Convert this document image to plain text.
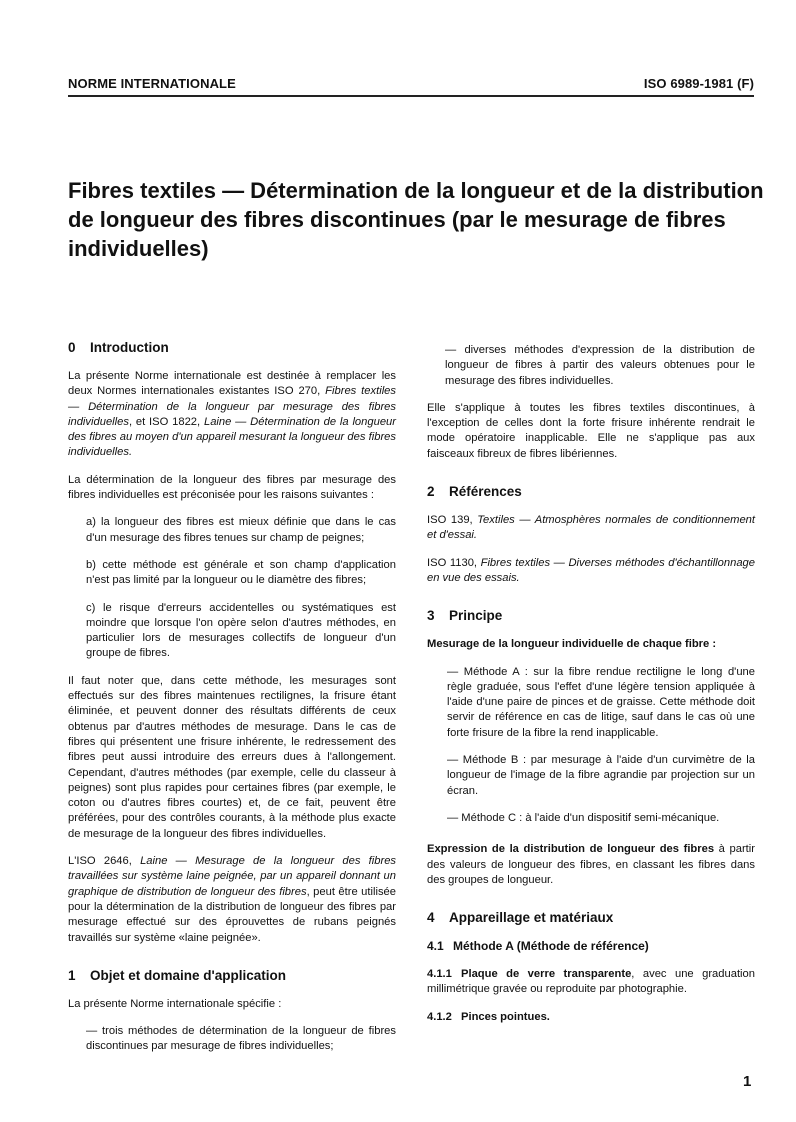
NORME INTERNATIONALE	ISO 6989-1981 (F)
Fibres textiles — Détermination de la longueur et de la distribution de longueur des fibres discontinues (par le mesurage de fibres individuelles)
0 Introduction

La présente Norme internationale est destinée à remplacer les deux Normes internationales existantes ISO 270, Fibres textiles — Détermination de la longueur par mesurage des fibres individuelles, et ISO 1822, Laine — Détermination de la longueur des fibres au moyen d'un appareil mesurant la longueur des fibres individuelles.

La détermination de la longueur des fibres par mesurage des fibres individuelles est préconisée pour les raisons suivantes :

a) la longueur des fibres est mieux définie que dans le cas d'un mesurage des fibres tenues sur champ de peignes;

b) cette méthode est générale et son champ d'application n'est pas limité par la longueur ou le diamètre des fibres;

c) le risque d'erreurs accidentelles ou systématiques est moindre que lorsque l'on opère selon d'autres méthodes, en particulier lors de mesurages collectifs de longueur d'un groupe de fibres.

Il faut noter que, dans cette méthode, les mesurages sont effectués sur des fibres maintenues rectilignes, la frisure étant éliminée, et peuvent donner des résultats différents de ceux obtenus par d'autres méthodes de mesurage. Dans le cas de fibres qui présentent une frisure inhérente, le redressement des fibres peut aussi introduire des erreurs dues à l'allongement. Cependant, d'autres méthodes (par exemple, celle du classeur à peignes) sont plus rapides pour certaines fibres (par exemple, le coton ou d'autres fibres courtes) et, de ce fait, peuvent être préférées, pour des contrôles courants, à la méthode plus exacte de mesurage de la longueur des fibres individuelles.

L'ISO 2646, Laine — Mesurage de la longueur des fibres travaillées sur système laine peignée, par un appareil donnant un graphique de distribution de longueur des fibres, peut être utilisée pour la détermination de la distribution de longueur des fibres par mesurage effectué sur des éprouvettes de rubans peignés travaillés sur système «laine peignée».

1 Objet et domaine d'application

La présente Norme internationale spécifie :

— trois méthodes de détermination de la longueur de fibres discontinues par mesurage de fibres individuelles;

— diverses méthodes d'expression de la distribution de longueur de fibres à partir des valeurs obtenues pour le mesurage des fibres individuelles.

Elle s'applique à toutes les fibres textiles discontinues, à l'exception de celles dont la forte frisure inhérente rendrait le mode opératoire inapplicable. Elle ne s'applique pas aux faisceaux fibreux de fibres libériennes.

2 Références

ISO 139, Textiles — Atmosphères normales de conditionnement et d'essai.

ISO 1130, Fibres textiles — Diverses méthodes d'échantillonnage en vue des essais.

3 Principe

Mesurage de la longueur individuelle de chaque fibre :

— Méthode A : sur la fibre rendue rectiligne le long d'une règle graduée, sous l'effet d'une légère tension appliquée à l'aide d'une paire de pinces et de graisse. Cette méthode doit servir de référence en cas de litige, sauf dans le cas où une forte frisure de la fibre la rend inapplicable.

— Méthode B : par mesurage à l'aide d'un curvimètre de la longueur de l'image de la fibre agrandie par projection sur un écran.

— Méthode C : à l'aide d'un dispositif semi-mécanique.

Expression de la distribution de longueur des fibres à partir des valeurs de longueur des fibres, en classant les fibres dans des groupes de longueur.

4 Appareillage et matériaux
4.1 Méthode A (Méthode de référence)

4.1.1 Plaque de verre transparente, avec une graduation millimétrique gravée ou reproduite par photographie.

4.1.2 Pinces pointues.

1
